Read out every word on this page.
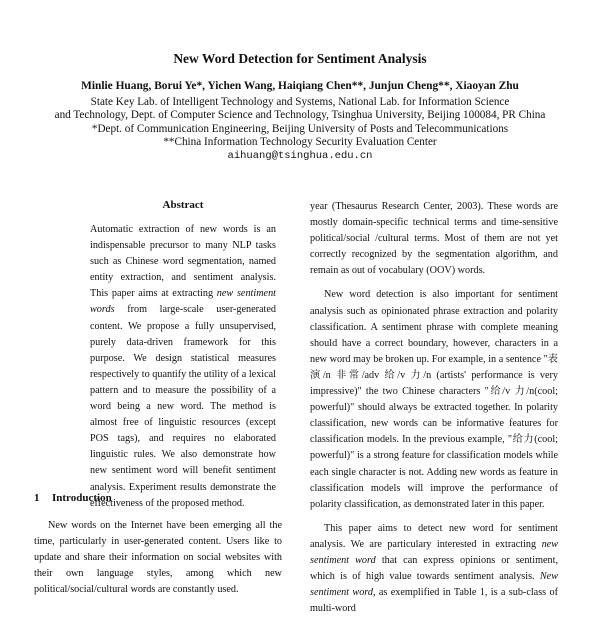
New Word Detection for Sentiment Analysis
Minlie Huang, Borui Ye*, Yichen Wang, Haiqiang Chen**, Junjun Cheng**, Xiaoyan Zhu
State Key Lab. of Intelligent Technology and Systems, National Lab. for Information Science
and Technology, Dept. of Computer Science and Technology, Tsinghua University, Beijing 100084, PR China
*Dept. of Communication Engineering, Beijing University of Posts and Telecommunications
**China Information Technology Security Evaluation Center
aihuang@tsinghua.edu.cn
Abstract
Automatic extraction of new words is an indispensable precursor to many NLP tasks such as Chinese word segmentation, named entity extraction, and sentiment analysis. This paper aims at extracting new sentiment words from large-scale user-generated content. We propose a fully unsupervised, purely data-driven framework for this purpose. We design statistical measures respectively to quantify the utility of a lexical pattern and to measure the possibility of a word being a new word. The method is almost free of linguistic resources (except POS tags), and requires no elaborated linguistic rules. We also demonstrate how new sentiment word will benefit sentiment analysis. Experiment results demonstrate the effectiveness of the proposed method.
1 Introduction

New words on the Internet have been emerging all the time, particularly in user-generated content. Users like to update and share their information on social websites with their own language styles, among which new political/social/cultural words are constantly used.

year (Thesaurus Research Center, 2003). These words are mostly domain-specific technical terms and time-sensitive political/social /cultural terms. Most of them are not yet correctly recognized by the segmentation algorithm, and remain as out of vocabulary (OOV) words.

New word detection is also important for sentiment analysis such as opinionated phrase extraction and polarity classification. A sentiment phrase with complete meaning should have a correct boundary, however, characters in a new word may be broken up. For example, in a sentence "表演/n 非常/adv 给/v 力/n (artists' performance is very impressive)" the two Chinese characters "给/v 力/n(cool; powerful)" should always be extracted together. In polarity classification, new words can be informative features for classification models. In the previous example, "给力(cool; powerful)" is a strong feature for classification models while each single character is not. Adding new words as feature in classification models will improve the performance of polarity classification, as demonstrated later in this paper.

This paper aims to detect new word for sentiment analysis. We are particulary interested in extracting new sentiment word that can express opinions or sentiment, which is of high value towards sentiment analysis. New sentiment word, as exemplified in Table 1, is a sub-class of multi-word
